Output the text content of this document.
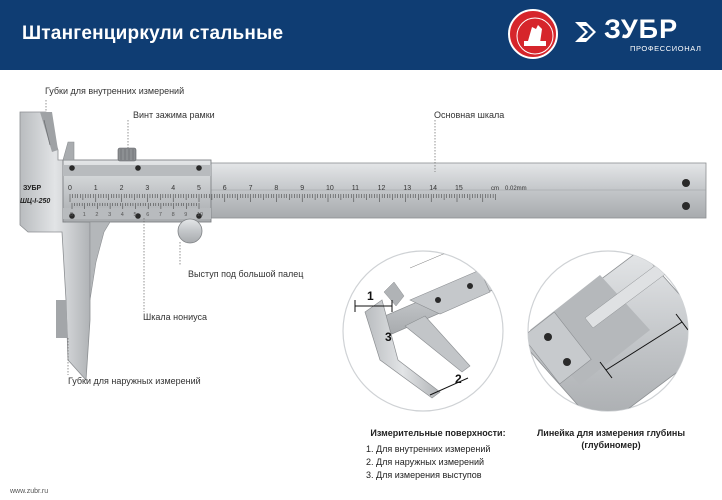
Штангенциркули стальные	ЗУБР
ПРОФЕССИОНАЛ
ЗУБР
ШЦ-I-250
0	1	2	3	4	5	6	7	8	9	10	11	12	13	14	15	cm 0.02mm
0 1 2 3 4 5 6 7 8 9 10
1
2
3
Губки для внутренних измерений
Винт зажима рамки	Основная шкала
Выступ под большой палец
Шкала нониуса
Губки для наружных измерений
Измерительные поверхности:
1. Для внутренних измерений
2. Для наружных измерений
3. Для измерения выступов
Линейка для измерения глубины
(глубиномер)
www.zubr.ru
